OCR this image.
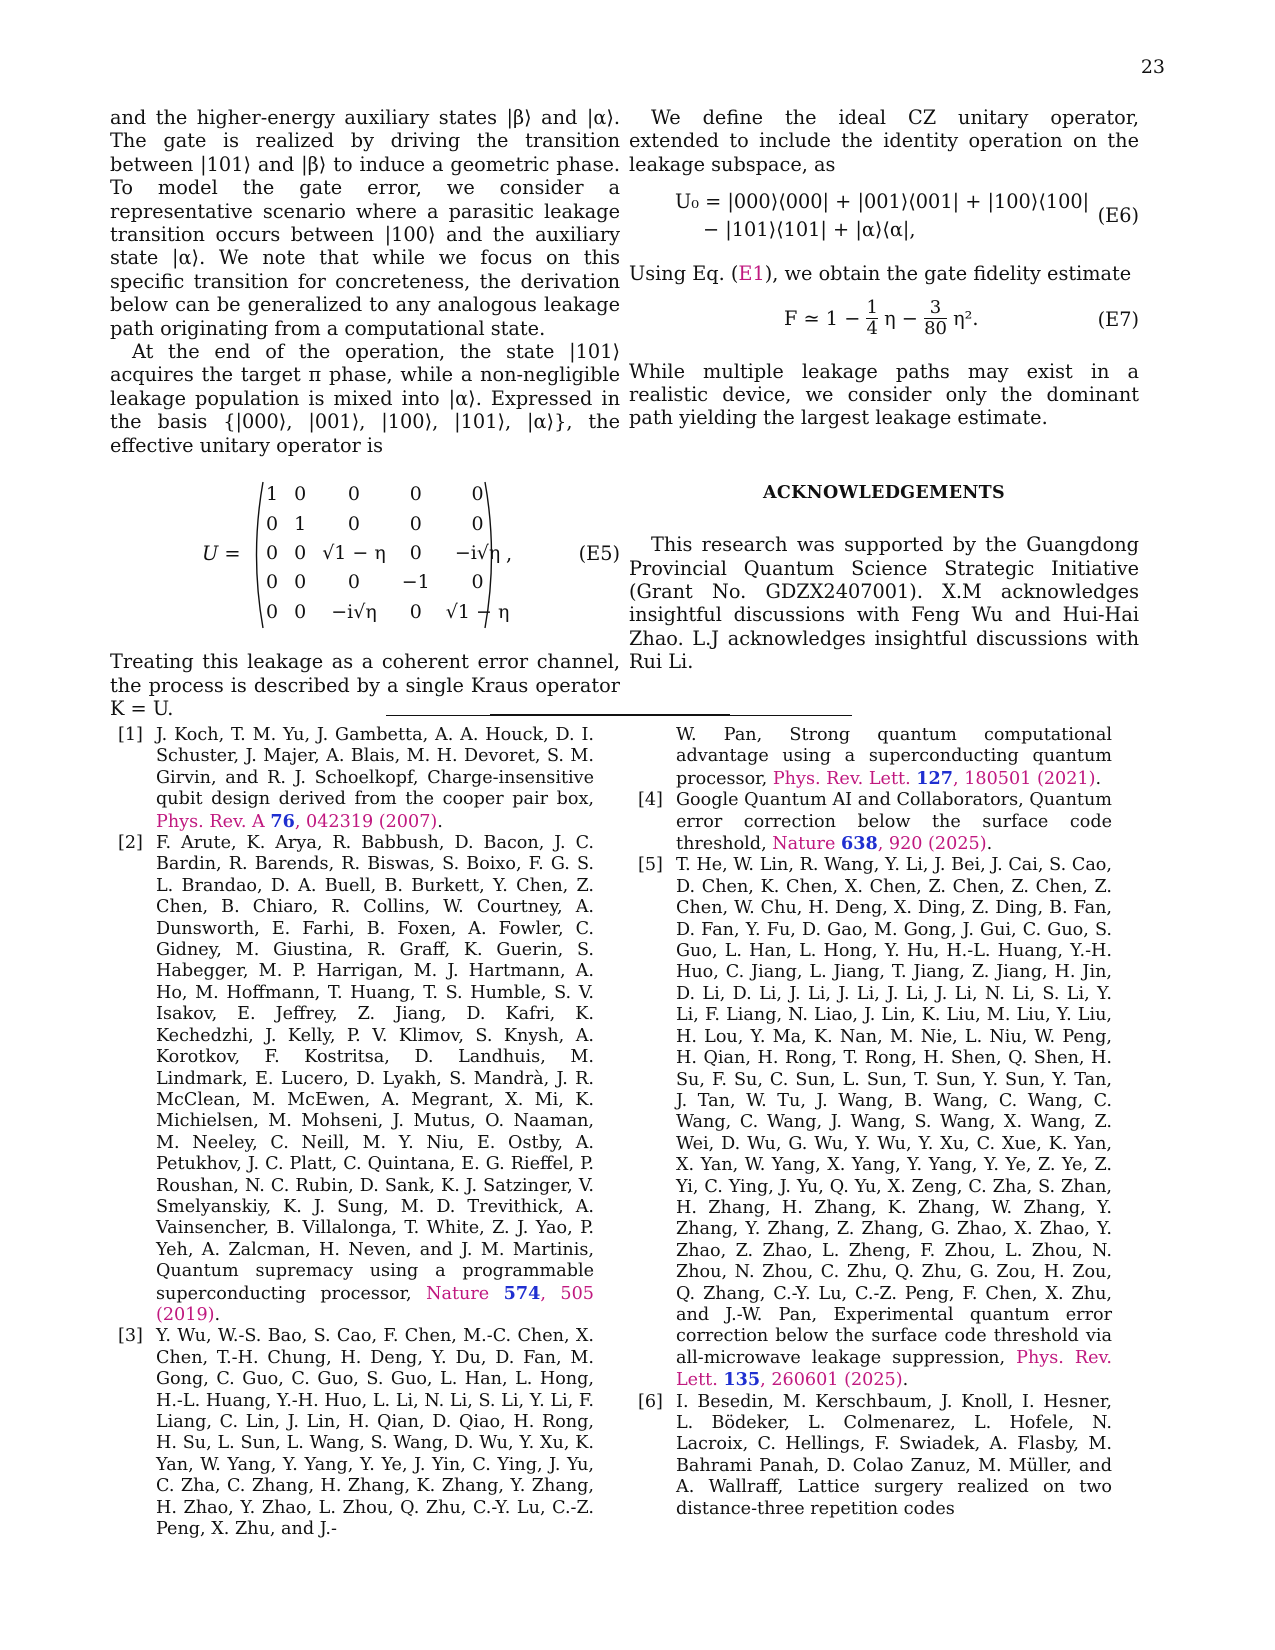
23

and the higher-energy auxiliary states |β⟩ and |α⟩. The gate is realized by driving the transition between |101⟩ and |β⟩ to induce a geometric phase. To model the gate error, we consider a representative scenario where a parasitic leakage transition occurs between |100⟩ and the auxiliary state |α⟩. We note that while we focus on this specific transition for concreteness, the derivation below can be generalized to any analogous leakage path originating from a computational state.

At the end of the operation, the state |101⟩ acquires the target π phase, while a non-negligible leakage population is mixed into |α⟩. Expressed in the basis {|000⟩, |001⟩, |100⟩, |101⟩, |α⟩}, the effective unitary operator is

U =
1	0	0	0	0
0	1	0	0	0
0	0	√1 − η	0	−i√η
0	0	0	−1	0
0	0	−i√η	0	√1 − η
,	(E5)

Treating this leakage as a coherent error channel, the process is described by a single Kraus operator K = U.

We define the ideal CZ unitary operator, extended to include the identity operation on the leakage subspace, as

U₀ = |000⟩⟨000| + |001⟩⟨001| + |100⟩⟨100|
− |101⟩⟨101| + |α⟩⟨α|,
(E6)

Using Eq. (E1), we obtain the gate fidelity estimate

F ≃ $1 - \frac{1}{4}$ $\eta - \frac{3}{80} \eta^2$.	(E7)

While multiple leakage paths may exist in a realistic device, we consider only the dominant path yielding the largest leakage estimate.

ACKNOWLEDGEMENTS

This research was supported by the Guangdong Provincial Quantum Science Strategic Initiative (Grant No. GDZX2407001). X.M acknowledges insightful discussions with Feng Wu and Hui-Hai Zhao. L.J acknowledges insightful discussions with Rui Li.

[1] J. Koch, T. M. Yu, J. Gambetta, A. A. Houck, D. I. Schuster, J. Majer, A. Blais, M. H. Devoret, S. M. Girvin, and R. J. Schoelkopf, Charge-insensitive qubit design derived from the cooper pair box, Phys. Rev. A 76, 042319 (2007).

[2] F. Arute, K. Arya, R. Babbush, D. Bacon, J. C. Bardin, R. Barends, R. Biswas, S. Boixo, F. G. S. L. Brandao, D. A. Buell, B. Burkett, Y. Chen, Z. Chen, B. Chiaro, R. Collins, W. Courtney, A. Dunsworth, E. Farhi, B. Foxen, A. Fowler, C. Gidney, M. Giustina, R. Graff, K. Guerin, S. Habegger, M. P. Harrigan, M. J. Hartmann, A. Ho, M. Hoffmann, T. Huang, T. S. Humble, S. V. Isakov, E. Jeffrey, Z. Jiang, D. Kafri, K. Kechedzhi, J. Kelly, P. V. Klimov, S. Knysh, A. Korotkov, F. Kostritsa, D. Landhuis, M. Lindmark, E. Lucero, D. Lyakh, S. Mandrà, J. R. McClean, M. McEwen, A. Megrant, X. Mi, K. Michielsen, M. Mohseni, J. Mutus, O. Naaman, M. Neeley, C. Neill, M. Y. Niu, E. Ostby, A. Petukhov, J. C. Platt, C. Quintana, E. G. Rieffel, P. Roushan, N. C. Rubin, D. Sank, K. J. Satzinger, V. Smelyanskiy, K. J. Sung, M. D. Trevithick, A. Vainsencher, B. Villalonga, T. White, Z. J. Yao, P. Yeh, A. Zalcman, H. Neven, and J. M. Martinis, Quantum supremacy using a programmable superconducting processor, Nature 574, 505 (2019).

[3] Y. Wu, W.-S. Bao, S. Cao, F. Chen, M.-C. Chen, X. Chen, T.-H. Chung, H. Deng, Y. Du, D. Fan, M. Gong, C. Guo, C. Guo, S. Guo, L. Han, L. Hong, H.-L. Huang, Y.-H. Huo, L. Li, N. Li, S. Li, Y. Li, F. Liang, C. Lin, J. Lin, H. Qian, D. Qiao, H. Rong, H. Su, L. Sun, L. Wang, S. Wang, D. Wu, Y. Xu, K. Yan, W. Yang, Y. Yang, Y. Ye, J. Yin, C. Ying, J. Yu, C. Zha, C. Zhang, H. Zhang, K. Zhang, Y. Zhang, H. Zhao, Y. Zhao, L. Zhou, Q. Zhu, C.-Y. Lu, C.-Z. Peng, X. Zhu, and J.-

W. Pan, Strong quantum computational advantage using a superconducting quantum processor, Phys. Rev. Lett. 127, 180501 (2021).

[4] Google Quantum AI and Collaborators, Quantum error correction below the surface code threshold, Nature 638, 920 (2025).

[5] T. He, W. Lin, R. Wang, Y. Li, J. Bei, J. Cai, S. Cao, D. Chen, K. Chen, X. Chen, Z. Chen, Z. Chen, Z. Chen, W. Chu, H. Deng, X. Ding, Z. Ding, B. Fan, D. Fan, Y. Fu, D. Gao, M. Gong, J. Gui, C. Guo, S. Guo, L. Han, L. Hong, Y. Hu, H.-L. Huang, Y.-H. Huo, C. Jiang, L. Jiang, T. Jiang, Z. Jiang, H. Jin, D. Li, D. Li, J. Li, J. Li, J. Li, J. Li, N. Li, S. Li, Y. Li, F. Liang, N. Liao, J. Lin, K. Liu, M. Liu, Y. Liu, H. Lou, Y. Ma, K. Nan, M. Nie, L. Niu, W. Peng, H. Qian, H. Rong, T. Rong, H. Shen, Q. Shen, H. Su, F. Su, C. Sun, L. Sun, T. Sun, Y. Sun, Y. Tan, J. Tan, W. Tu, J. Wang, B. Wang, C. Wang, C. Wang, C. Wang, J. Wang, S. Wang, X. Wang, Z. Wei, D. Wu, G. Wu, Y. Wu, Y. Xu, C. Xue, K. Yan, X. Yan, W. Yang, X. Yang, Y. Yang, Y. Ye, Z. Ye, Z. Yi, C. Ying, J. Yu, Q. Yu, X. Zeng, C. Zha, S. Zhan, H. Zhang, H. Zhang, K. Zhang, W. Zhang, Y. Zhang, Y. Zhang, Z. Zhang, G. Zhao, X. Zhao, Y. Zhao, Z. Zhao, L. Zheng, F. Zhou, L. Zhou, N. Zhou, N. Zhou, C. Zhu, Q. Zhu, G. Zou, H. Zou, Q. Zhang, C.-Y. Lu, C.-Z. Peng, F. Chen, X. Zhu, and J.-W. Pan, Experimental quantum error correction below the surface code threshold via all-microwave leakage suppression, Phys. Rev. Lett. 135, 260601 (2025).

[6] I. Besedin, M. Kerschbaum, J. Knoll, I. Hesner, L. Bödeker, L. Colmenarez, L. Hofele, N. Lacroix, C. Hellings, F. Swiadek, A. Flasby, M. Bahrami Panah, D. Colao Zanuz, M. Müller, and A. Wallraff, Lattice surgery realized on two distance-three repetition codes
